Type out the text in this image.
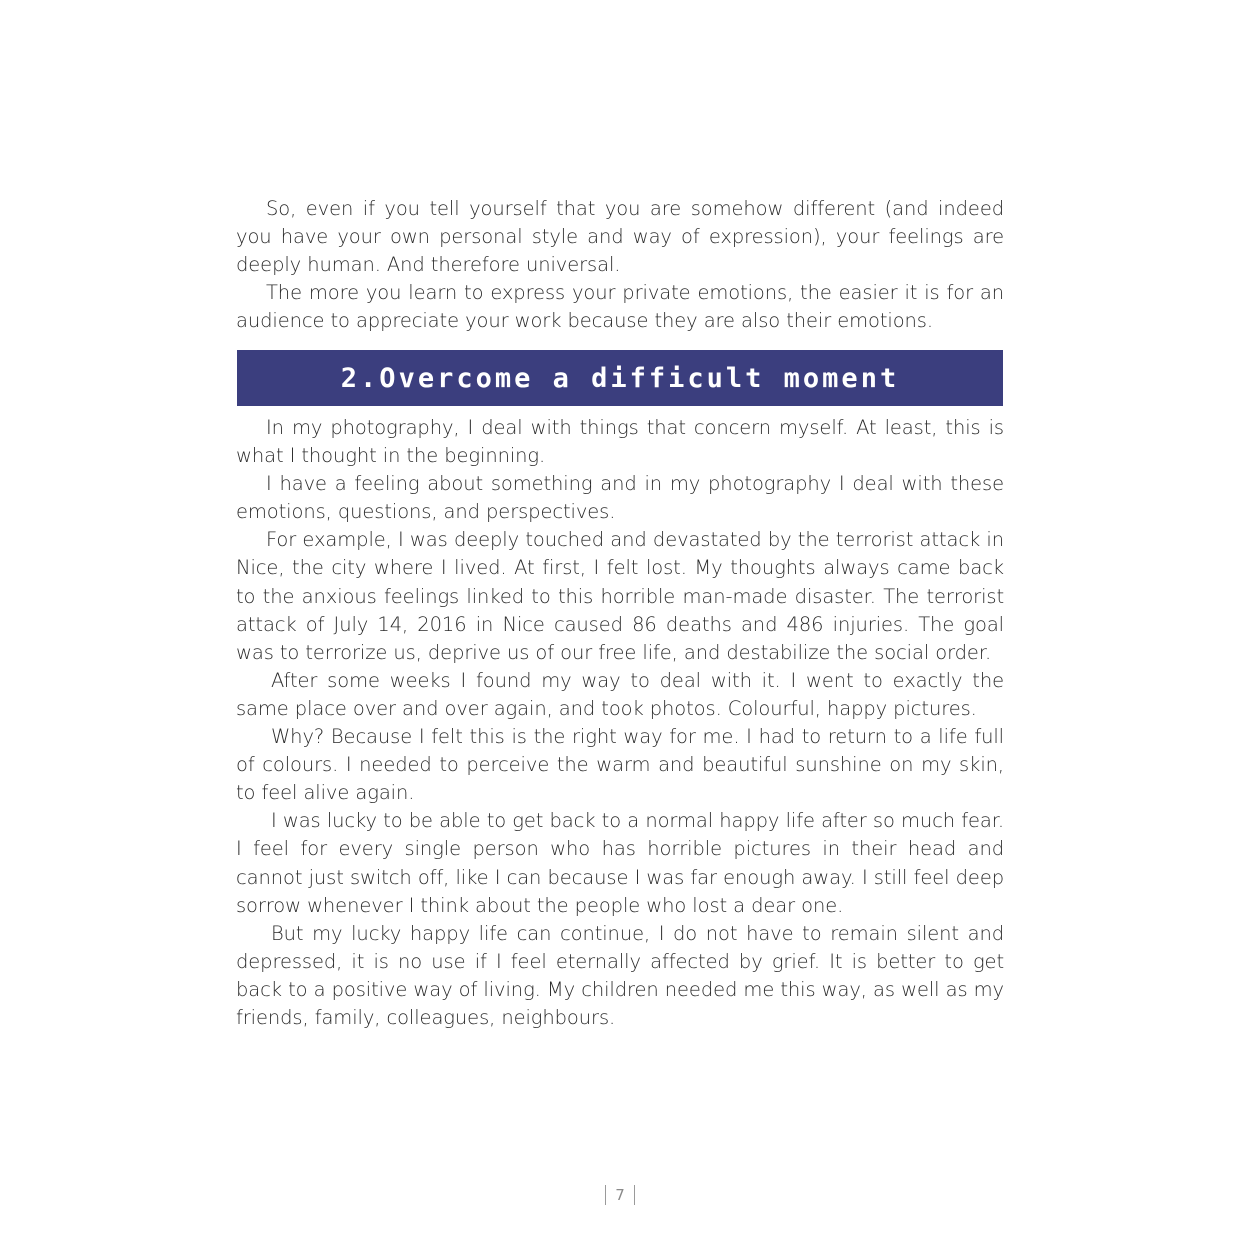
So, even if you tell yourself that you are somehow different (and indeed you have your own personal style and way of expression), your feelings are deeply human. And therefore universal.

The more you learn to express your private emotions, the easier it is for an audience to appreciate your work because they are also their emotions.

2.Overcome a difficult moment

In my photography, I deal with things that concern myself. At least, this is what I thought in the beginning.

I have a feeling about something and in my photography I deal with these emotions, questions, and perspectives.

For example, I was deeply touched and devastated by the terrorist attack in Nice, the city where I lived. At first, I felt lost. My thoughts always came back to the anxious feelings linked to this horrible man-made disaster. The terrorist attack of July 14, 2016 in Nice caused 86 deaths and 486 injuries. The goal was to terrorize us, deprive us of our free life, and destabilize the social order.

After some weeks I found my way to deal with it. I went to exactly the same place over and over again, and took photos. Colourful, happy pictures.

Why? Because I felt this is the right way for me. I had to return to a life full of colours. I needed to perceive the warm and beautiful sunshine on my skin, to feel alive again.

I was lucky to be able to get back to a normal happy life after so much fear. I feel for every single person who has horrible pictures in their head and cannot just switch off, like I can because I was far enough away. I still feel deep sorrow whenever I think about the people who lost a dear one.

But my lucky happy life can continue, I do not have to remain silent and depressed, it is no use if I feel eternally affected by grief. It is better to get back to a positive way of living. My children needed me this way, as well as my friends, family, colleagues, neighbours.

7
